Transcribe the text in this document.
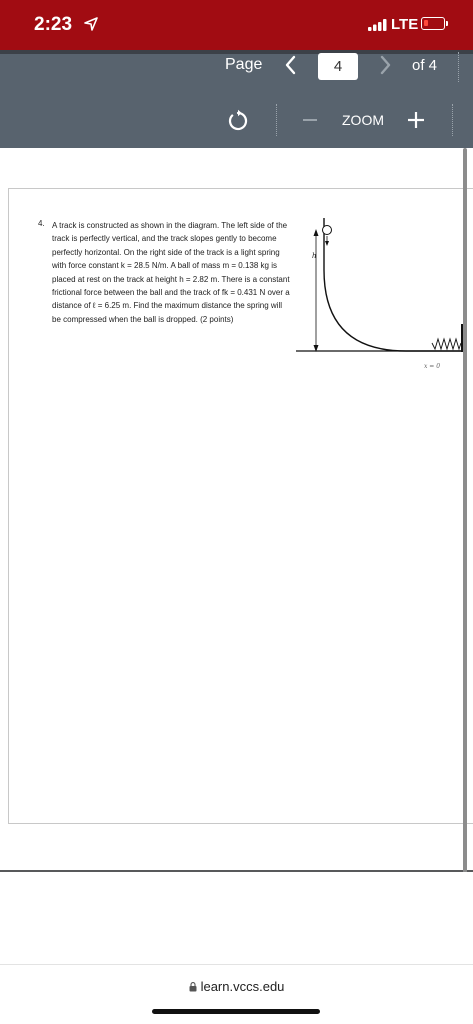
2:23	LTE
Page	4	of 4
ZOOM
4. A track is constructed as shown in the diagram. The left side of the track is perfectly vertical, and the track slopes gently to become perfectly horizontal. On the right side of the track is a light spring with force constant k = 28.5 N/m. A ball of mass m = 0.138 kg is placed at rest on the track at height h = 2.82 m. There is a constant frictional force between the ball and the track of fk = 0.431 N over a distance of ℓ = 6.25 m. Find the maximum distance the spring will be compressed when the ball is dropped. (2 points)

h
x = 0
learn.vccs.edu
